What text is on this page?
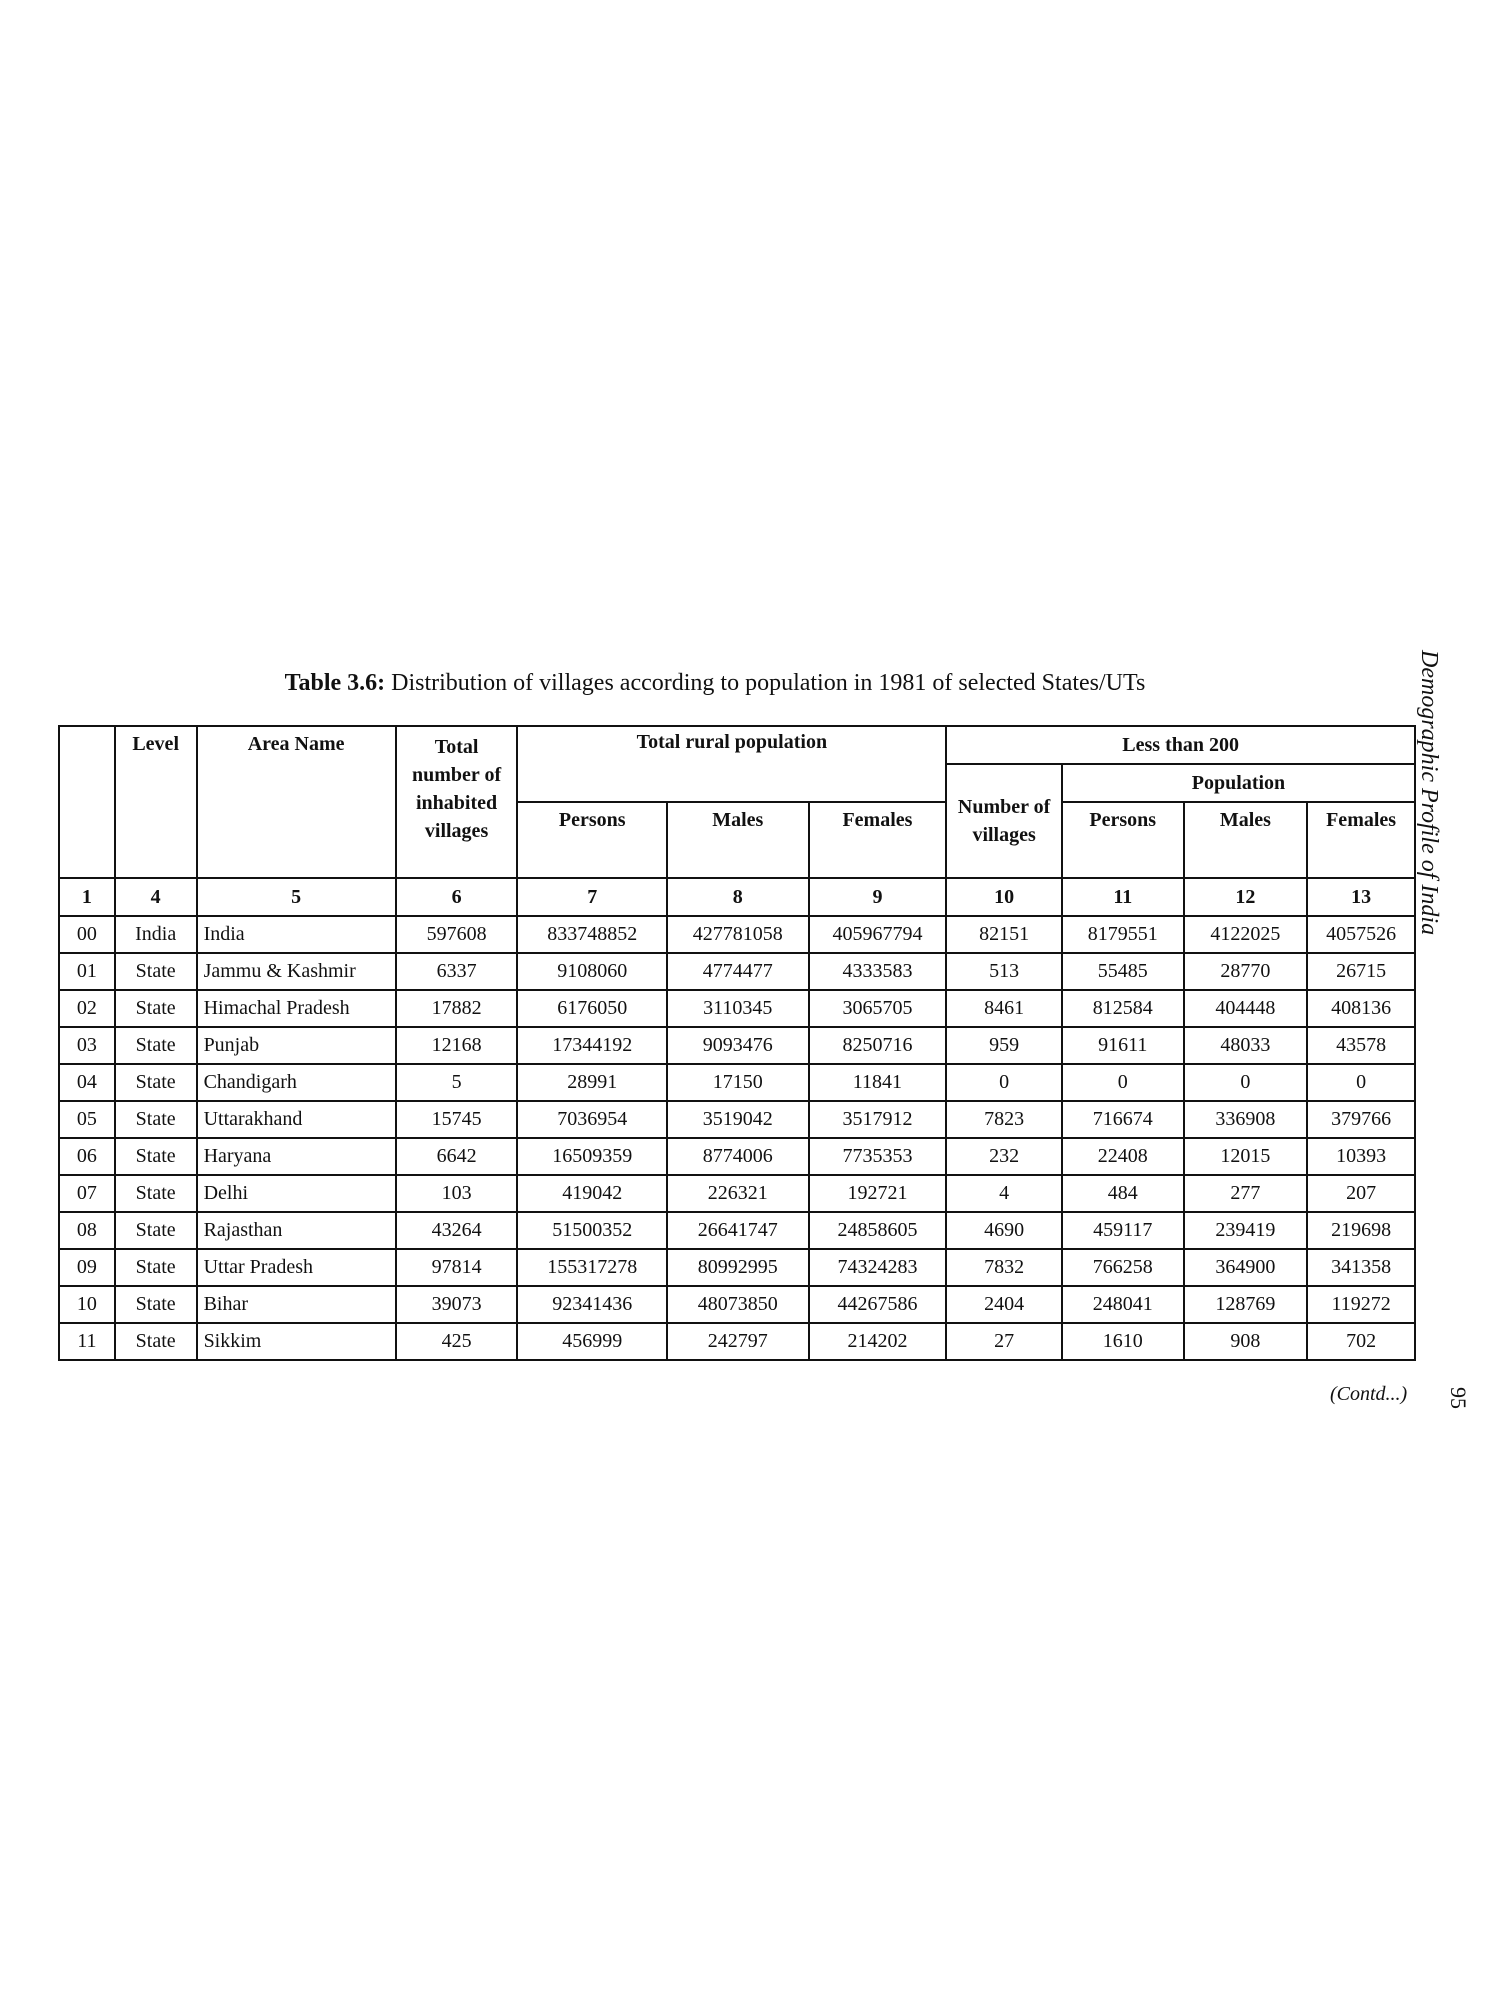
Table 3.6: Distribution of villages according to population in 1981 of selected States/UTs
	Level	Area Name	Total number of inhabited villages	Total rural population			Less than 200			
							Number of villages	Population		
				Persons	Males	Females		Persons	Males	Females
1	4	5	6	7	8	9	10	11	12	13
00	India	India	597608	833748852	427781058	405967794	82151	8179551	4122025	4057526
01	State	Jammu & Kashmir	6337	9108060	4774477	4333583	513	55485	28770	26715
02	State	Himachal Pradesh	17882	6176050	3110345	3065705	8461	812584	404448	408136
03	State	Punjab	12168	17344192	9093476	8250716	959	91611	48033	43578
04	State	Chandigarh	5	28991	17150	11841	0	0	0	0
05	State	Uttarakhand	15745	7036954	3519042	3517912	7823	716674	336908	379766
06	State	Haryana	6642	16509359	8774006	7735353	232	22408	12015	10393
07	State	Delhi	103	419042	226321	192721	4	484	277	207
08	State	Rajasthan	43264	51500352	26641747	24858605	4690	459117	239419	219698
09	State	Uttar Pradesh	97814	155317278	80992995	74324283	7832	766258	364900	341358
10	State	Bihar	39073	92341436	48073850	44267586	2404	248041	128769	119272
11	State	Sikkim	425	456999	242797	214202	27	1610	908	702
(Contd...)
Demographic Profile of India
95
